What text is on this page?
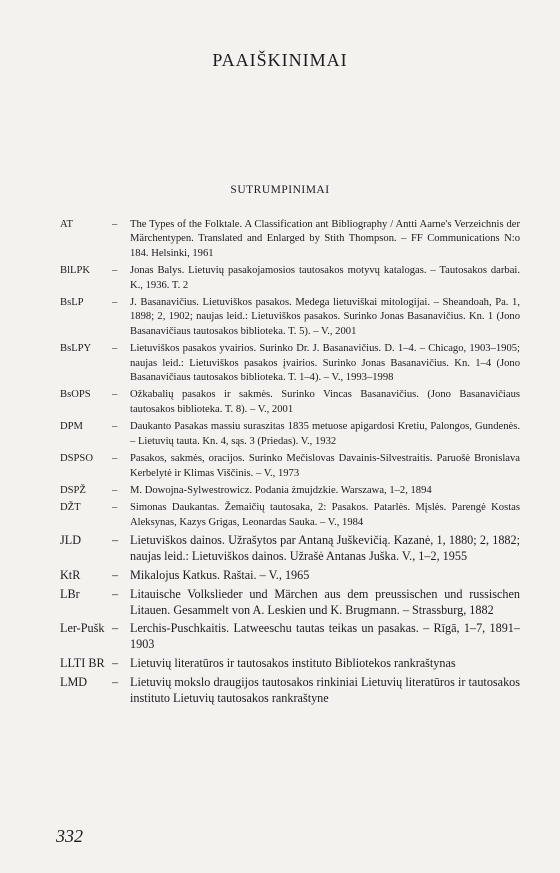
PAAIŠKINIMAI
SUTRUMPINIMAI
AT	–	The Types of the Folktale. A Classification ant Bibliography / Antti Aarne's Verzeichnis der Märchentypen. Translated and Enlarged by Stith Thompson. – FF Communications N:o 184. Helsinki, 1961
BlLPK	–	Jonas Balys. Lietuvių pasakojamosios tautosakos motyvų katalogas. – Tautosakos darbai. K., 1936. T. 2
BsLP	–	J. Basanavičius. Lietuviškos pasakos. Medega lietuviškai mitologijai. – Sheandoah, Pa. 1, 1898; 2, 1902; naujas leid.: Lietuviškos pasakos. Surinko Jonas Basanavičius. Kn. 1 (Jono Basanavičiaus tautosakos biblioteka. T. 5). – V., 2001
BsLPY	–	Lietuviškos pasakos yvairios. Surinko Dr. J. Basanavičius. D. 1–4. – Chicago, 1903–1905; naujas leid.: Lietuviškos pasakos įvairios. Surinko Jonas Basanavičius. Kn. 1–4 (Jono Basanavičiaus tautosakos biblioteka. T. 1–4). – V., 1993–1998
BsOPS	–	Ožkabalių pasakos ir sakmės. Surinko Vincas Basanavičius. (Jono Basanavičiaus tautosakos biblioteka. T. 8). – V., 2001
DPM	–	Daukanto Pasakas massiu suraszitas 1835 metuose apigardosi Kretiu, Palongos, Gundenės. – Lietuvių tauta. Kn. 4, sąs. 3 (Priedas). V., 1932
DSPSO	–	Pasakos, sakmės, oracijos. Surinko Mečislovas Davainis-Silvestraitis. Paruošė Bronislava Kerbelytė ir Klimas Viščinis. – V., 1973
DSPŽ	–	M. Dowojna-Sylwestrowicz. Podania żmujdzkie. Warszawa, 1–2, 1894
DŽT	–	Simonas Daukantas. Žemaičių tautosaka, 2: Pasakos. Patarlės. Mįslės. Parengė Kostas Aleksynas, Kazys Grigas, Leonardas Sauka. – V., 1984
JLD	– Lietuviškos dainos. Užrašytos par Antaną Juškevičią. Kazanė, 1, 1880; 2, 1882; naujas leid.: Lietuviškos dainos. Užrašė Antanas Juška. V., 1–2, 1955
KtR	– Mikalojus Katkus. Raštai. – V., 1965
LBr	– Litauische Volkslieder und Märchen aus dem preussischen und russischen Litauen. Gesammelt von A. Leskien und K. Brugmann. – Strassburg, 1882
Ler-Pušk – Lerchis-Puschkaitis. Latweeschu tautas teikas un pasakas. – Rīgā, 1–7, 1891–1903
LLTI BR – Lietuvių literatūros ir tautosakos instituto Bibliotekos rankraštynas
LMD	– Lietuvių mokslo draugijos tautosakos rinkiniai Lietuvių literatūros ir tautosakos instituto Lietuvių tautosakos rankraštyne
332
